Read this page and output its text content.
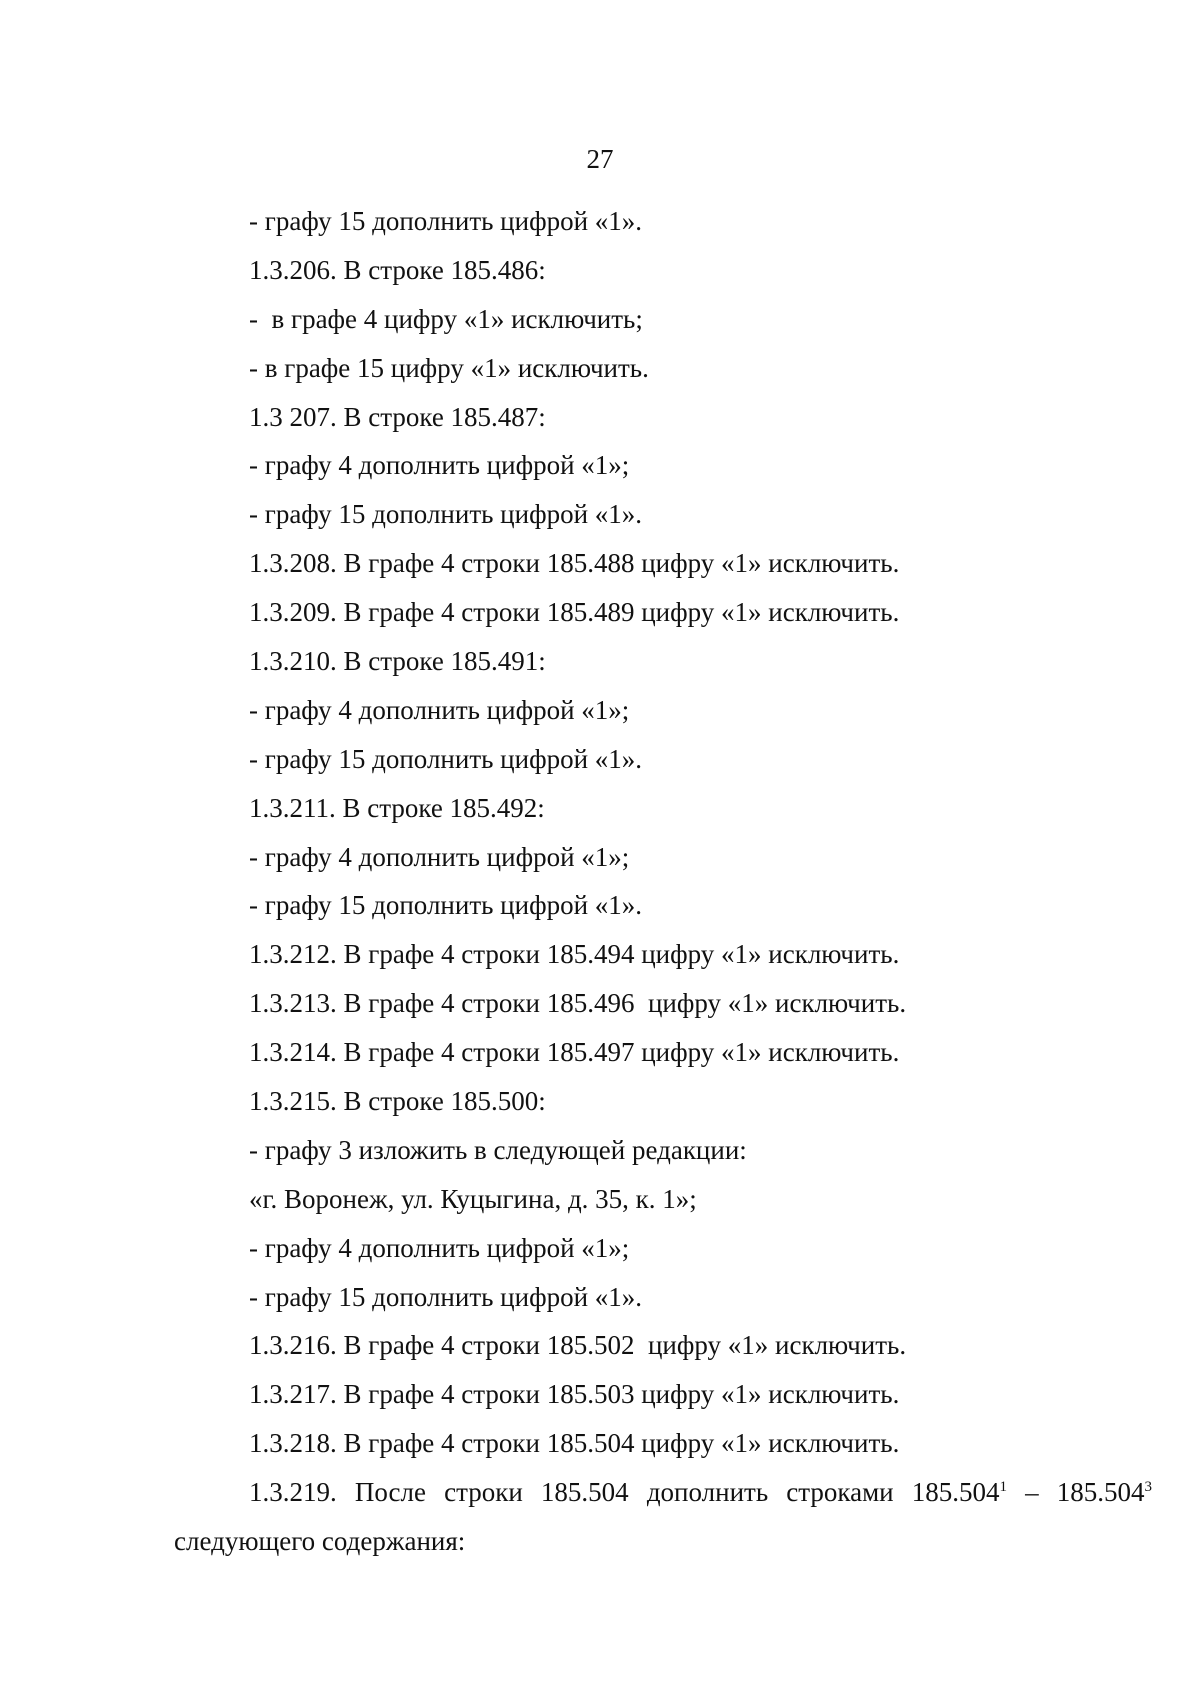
27
- графу 15 дополнить цифрой «1».
1.3.206. В строке 185.486:
-  в графе 4 цифру «1» исключить;
- в графе 15 цифру «1» исключить.
1.3 207. В строке 185.487:
- графу 4 дополнить цифрой «1»;
- графу 15 дополнить цифрой «1».
1.3.208. В графе 4 строки 185.488 цифру «1» исключить.
1.3.209. В графе 4 строки 185.489 цифру «1» исключить.
1.3.210. В строке 185.491:
- графу 4 дополнить цифрой «1»;
- графу 15 дополнить цифрой «1».
1.3.211. В строке 185.492:
- графу 4 дополнить цифрой «1»;
- графу 15 дополнить цифрой «1».
1.3.212. В графе 4 строки 185.494 цифру «1» исключить.
1.3.213. В графе 4 строки 185.496  цифру «1» исключить.
1.3.214. В графе 4 строки 185.497 цифру «1» исключить.
1.3.215. В строке 185.500:
- графу 3 изложить в следующей редакции:
«г. Воронеж, ул. Куцыгина, д. 35, к. 1»;
- графу 4 дополнить цифрой «1»;
- графу 15 дополнить цифрой «1».
1.3.216. В графе 4 строки 185.502  цифру «1» исключить.
1.3.217. В графе 4 строки 185.503 цифру «1» исключить.
1.3.218. В графе 4 строки 185.504 цифру «1» исключить.
1.3.219. После строки 185.504 дополнить строками 185.504$^1$ – 185.504$^3$ следующего содержания:
